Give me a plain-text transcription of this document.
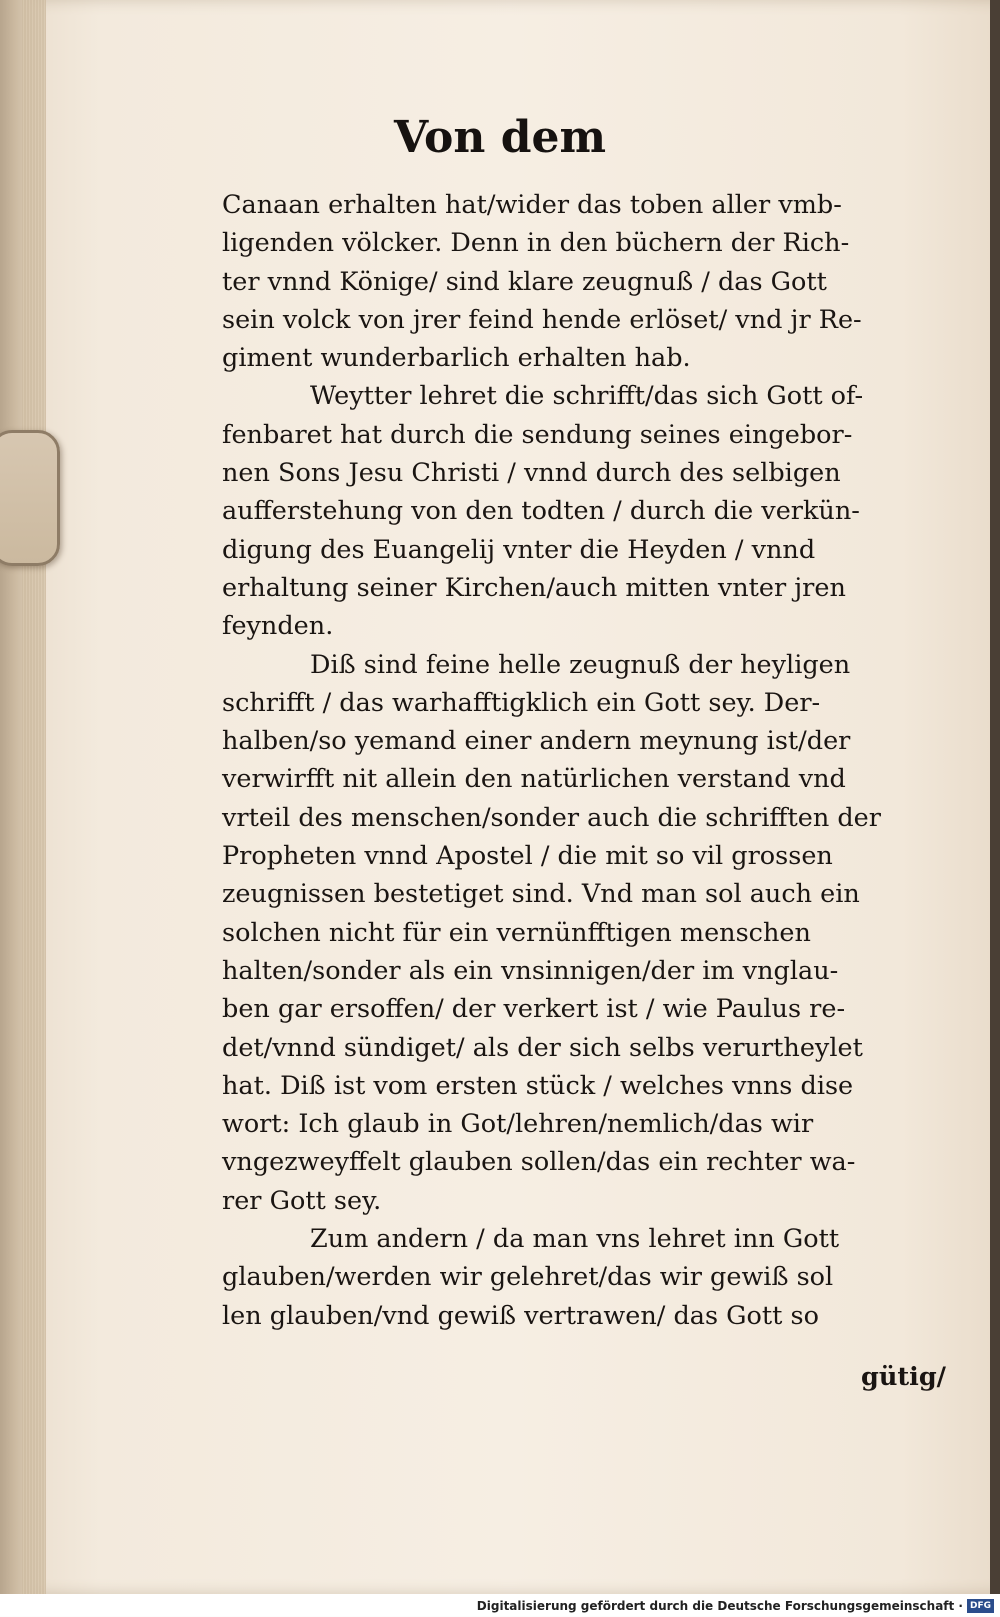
Von dem
Canaan erhalten hat/wider das toben aller vmb-
ligenden völcker. Denn in den büchern der Rich-
ter vnnd Könige/ sind klare zeugnuß / das Gott
sein volck von jrer feind hende erlöset/ vnd jr Re-
giment wunderbarlich erhalten hab.
Weytter lehret die schrifft/das sich Gott of-
fenbaret hat durch die sendung seines eingebor-
nen Sons Jesu Christi / vnnd durch des selbigen
aufferstehung von den todten / durch die verkün-
digung des Euangelij vnter die Heyden / vnnd
erhaltung seiner Kirchen/auch mitten vnter jren
feynden.
Diß sind feine helle zeugnuß der heyligen
schrifft / das warhafftigklich ein Gott sey. Der-
halben/so yemand einer andern meynung ist/der
verwirfft nit allein den natürlichen verstand vnd
vrteil des menschen/sonder auch die schrifften der
Propheten vnnd Apostel / die mit so vil grossen
zeugnissen bestetiget sind. Vnd man sol auch ein
solchen nicht für ein vernünfftigen menschen
halten/sonder als ein vnsinnigen/der im vnglau-
ben gar ersoffen/ der verkert ist / wie Paulus re-
det/vnnd sündiget/ als der sich selbs verurtheylet
hat. Diß ist vom ersten stück / welches vnns dise
wort: Ich glaub in Got/lehren/nemlich/das wir
vngezweyffelt glauben sollen/das ein rechter wa-
rer Gott sey.
Zum andern / da man vns lehret inn Gott
glauben/werden wir gelehret/das wir gewiß sol
len glauben/vnd gewiß vertrawen/ das Gott so
gütig/
Digitalisierung gefördert durch die Deutsche Forschungsgemeinschaft · DFG
